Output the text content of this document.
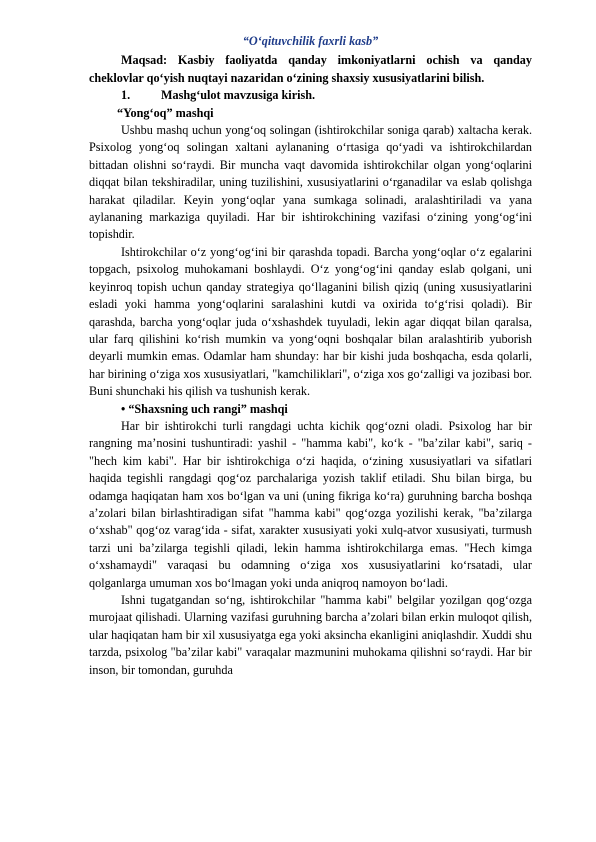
“O‘qituvchilik faxrli kasb”

Maqsad: Kasbiy faoliyatda qanday imkoniyatlarni ochish va qanday cheklovlar qo‘yish nuqtayi nazaridan o‘zining shaxsiy xususiyatlarini bilish.

1.	Mashg‘ulot mavzusiga kirish.
“Yong‘oq” mashqi

Ushbu mashq uchun yong‘oq solingan (ishtirokchilar soniga qarab) xaltacha kerak. Psixolog yong‘oq solingan xaltani aylananing o‘rtasiga qo‘yadi va ishtirokchilardan bittadan olishni so‘raydi. Bir muncha vaqt davomida ishtirokchilar olgan yong‘oqlarini diqqat bilan tekshiradilar, uning tuzilishini, xususiyatlarini o‘rganadilar va eslab qolishga harakat qiladilar. Keyin yong‘oqlar yana sumkaga solinadi, aralashtiriladi va yana aylananing markaziga quyiladi. Har bir ishtirokchining vazifasi o‘zining yong‘og‘ini topishdir.

Ishtirokchilar o‘z yong‘og‘ini bir qarashda topadi. Barcha yong‘oqlar o‘z egalarini topgach, psixolog muhokamani boshlaydi. O‘z yong‘og‘ini qanday eslab qolgani, uni keyinroq topish uchun qanday strategiya qo‘llaganini bilish qiziq (uning xususiyatlarini esladi yoki hamma yong‘oqlarini saralashini kutdi va oxirida to‘g‘risi qoladi). Bir qarashda, barcha yong‘oqlar juda o‘xshashdek tuyuladi, lekin agar diqqat bilan qaralsa, ular farq qilishini ko‘rish mumkin va yong‘oqni boshqalar bilan aralashtirib yuborish deyarli mumkin emas. Odamlar ham shunday: har bir kishi juda boshqacha, esda qolarli, har birining o‘ziga xos xususiyatlari, "kamchiliklari", o‘ziga xos go‘zalligi va jozibasi bor. Buni shunchaki his qilish va tushunish kerak.

• “Shaxsning uch rangi” mashqi

Har bir ishtirokchi turli rangdagi uchta kichik qog‘ozni oladi. Psixolog har bir rangning ma’nosini tushuntiradi: yashil - "hamma kabi", ko‘k - "ba’zilar kabi", sariq - "hech kim kabi". Har bir ishtirokchiga o‘zi haqida, o‘zining xususiyatlari va sifatlari haqida tegishli rangdagi qog‘oz parchalariga yozish taklif etiladi. Shu bilan birga, bu odamga haqiqatan ham xos bo‘lgan va uni (uning fikriga ko‘ra) guruhning barcha boshqa a’zolari bilan birlashtiradigan sifat "hamma kabi" qog‘ozga yozilishi kerak, "ba’zilarga o‘xshab" qog‘oz varag‘ida - sifat, xarakter xususiyati yoki xulq-atvor xususiyati, turmush tarzi uni ba’zilarga tegishli qiladi, lekin hamma ishtirokchilarga emas. "Hech kimga o‘xshamaydi" varaqasi bu odamning o‘ziga xos xususiyatlarini ko‘rsatadi, ular qolganlarga umuman xos bo‘lmagan yoki unda aniqroq namoyon bo‘ladi.

Ishni tugatgandan so‘ng, ishtirokchilar "hamma kabi" belgilar yozilgan qog‘ozga murojaat qilishadi. Ularning vazifasi guruhning barcha a’zolari bilan erkin muloqot qilish, ular haqiqatan ham bir xil xususiyatga ega yoki aksincha ekanligini aniqlashdir. Xuddi shu tarzda, psixolog "ba’zilar kabi" varaqalar mazmunini muhokama qilishni so‘raydi. Har bir inson, bir tomondan, guruhda
